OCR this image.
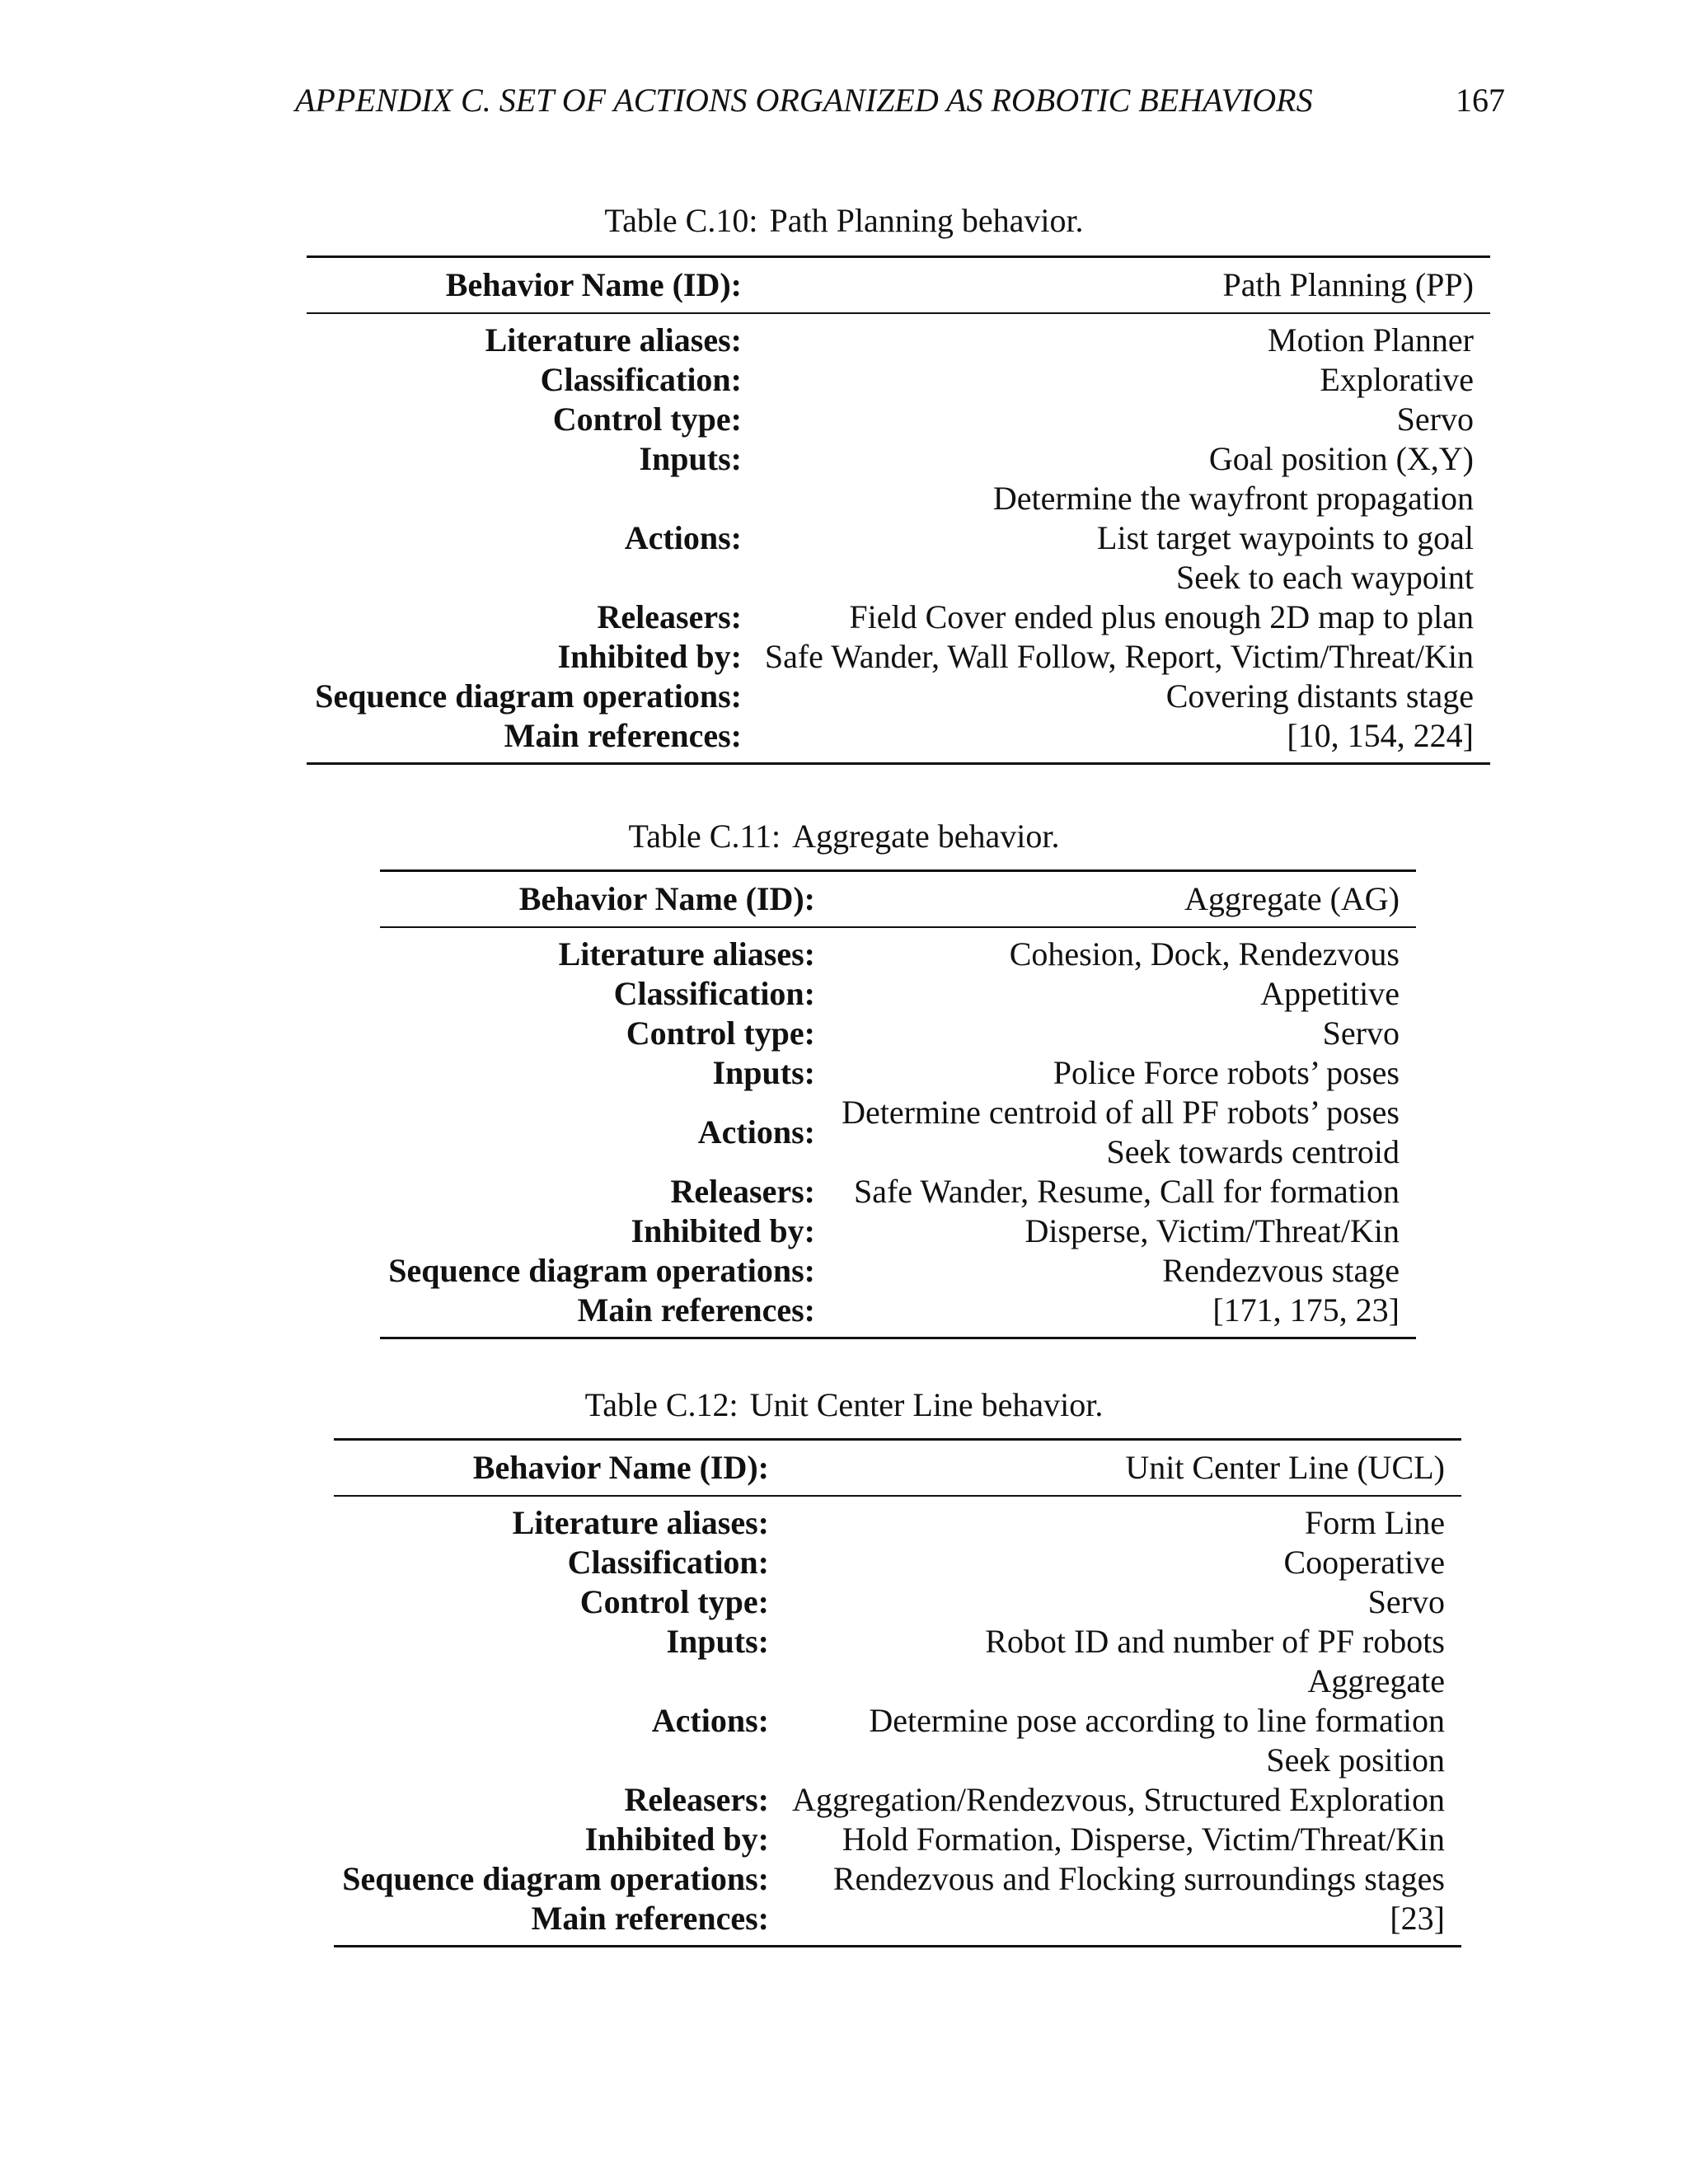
APPENDIX C. SET OF ACTIONS ORGANIZED AS ROBOTIC BEHAVIORS	167
Table C.10: Path Planning behavior.
Behavior Name (ID):	Path Planning (PP)
Literature aliases:	Motion Planner
Classification:	Explorative
Control type:	Servo
Inputs:	Goal position (X,Y)
Actions:
Determine the wayfront propagation
List target waypoints to goal
Seek to each waypoint
Releasers:	Field Cover ended plus enough 2D map to plan
Inhibited by: Safe Wander, Wall Follow, Report, Victim/Threat/Kin
Sequence diagram operations:	Covering distants stage
Main references:	[10, 154, 224]
Table C.11: Aggregate behavior.
Behavior Name (ID):	Aggregate (AG)
Literature aliases:	Cohesion, Dock, Rendezvous
Classification:	Appetitive
Control type:	Servo
Inputs:	Police Force robots’ poses
Actions:
Determine centroid of all PF robots’ poses
Seek towards centroid
Releasers:	Safe Wander, Resume, Call for formation
Inhibited by:	Disperse, Victim/Threat/Kin
Sequence diagram operations:	Rendezvous stage
Main references:	[171, 175, 23]
Table C.12: Unit Center Line behavior.
Behavior Name (ID):	Unit Center Line (UCL)
Literature aliases:	Form Line
Classification:	Cooperative
Control type:	Servo
Inputs:	Robot ID and number of PF robots
Actions:
Aggregate
Determine pose according to line formation
Seek position
Releasers: Aggregation/Rendezvous, Structured Exploration
Inhibited by:	Hold Formation, Disperse, Victim/Threat/Kin
Sequence diagram operations:	Rendezvous and Flocking surroundings stages
Main references:	[23]
